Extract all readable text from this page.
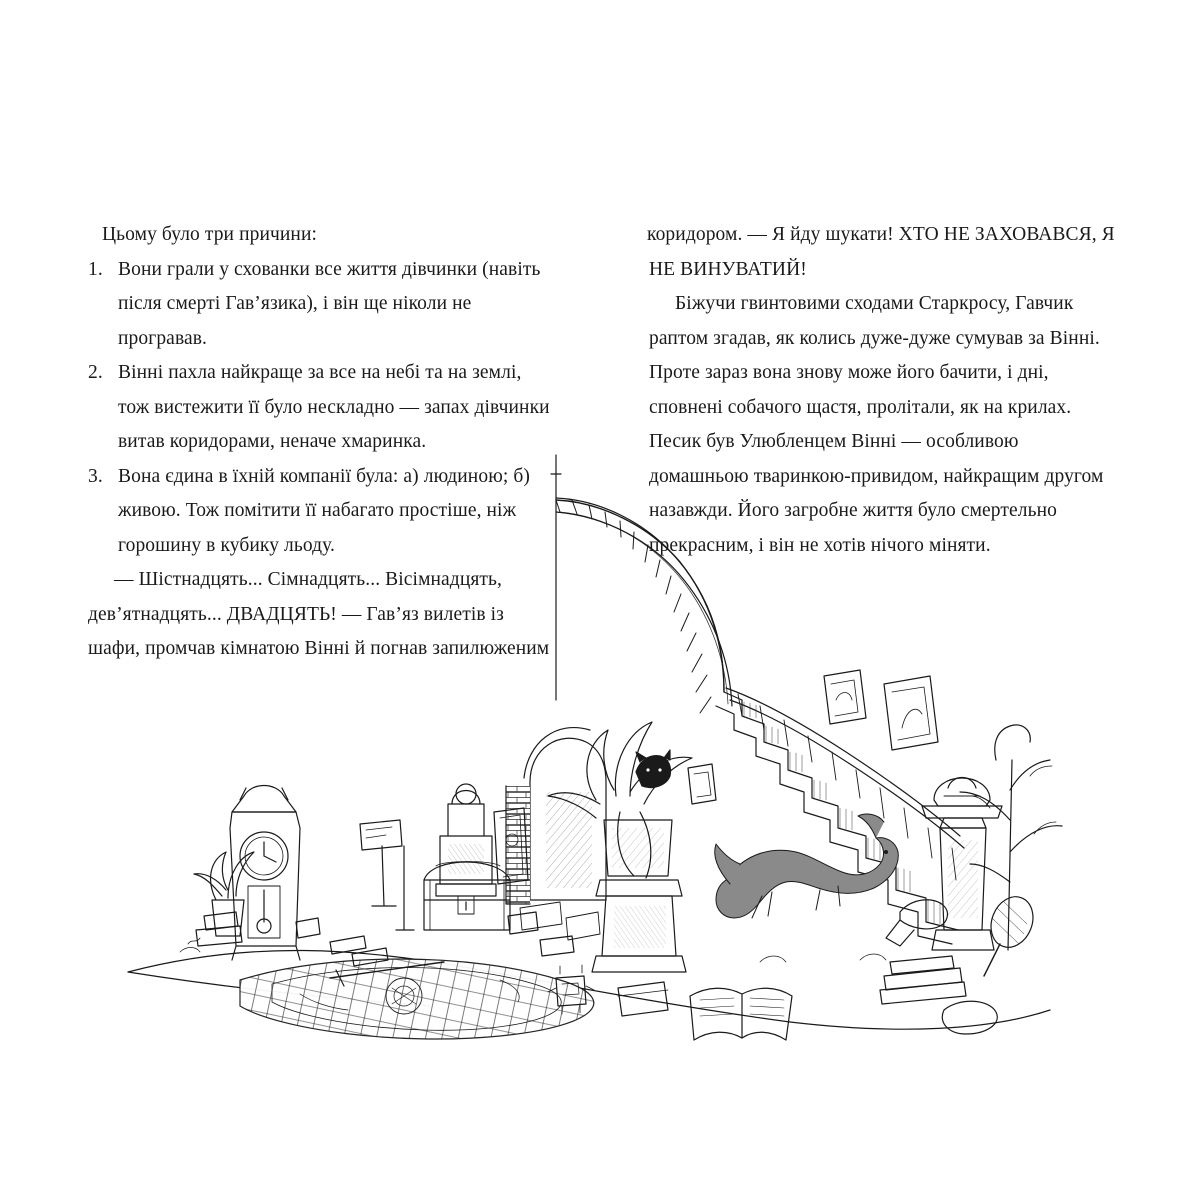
Цьому було три причини:

1. Вони грали у схованки все життя дівчинки (навіть після смерті Гав’язика), і він ще ніколи не програвав.
2. Вінні пахла найкраще за все на небі та на землі, тож вистежити її було нескладно — запах дівчинки витав коридорами, неначе хмаринка.
3. Вона єдина в їхній компанії була: а) людиною; б) живою. Тож помітити її набагато простіше, ніж горошину в кубику льоду.

— Шістнадцять... Сімнадцять... Вісімнадцять, дев’ятнадцять... ДВАДЦЯТЬ! — Гав’яз вилетів із шафи, промчав кімнатою Вінні й погнав запилюженим

коридором. — Я йду шукати! ХТО НЕ ЗАХОВАВСЯ, Я НЕ ВИНУВАТИЙ!

Біжучи гвинтовими сходами Старкросу, Гавчик раптом згадав, як колись дуже-дуже сумував за Вінні. Проте зараз вона знову може його бачити, і дні, сповнені собачого щастя, пролітали, як на крилах. Песик був Улюбленцем Вінні — особливою домашньою тваринкою-привидом, найкращим другом назавжди. Його загробне життя було смертельно прекрасним, і він не хотів нічого міняти.
